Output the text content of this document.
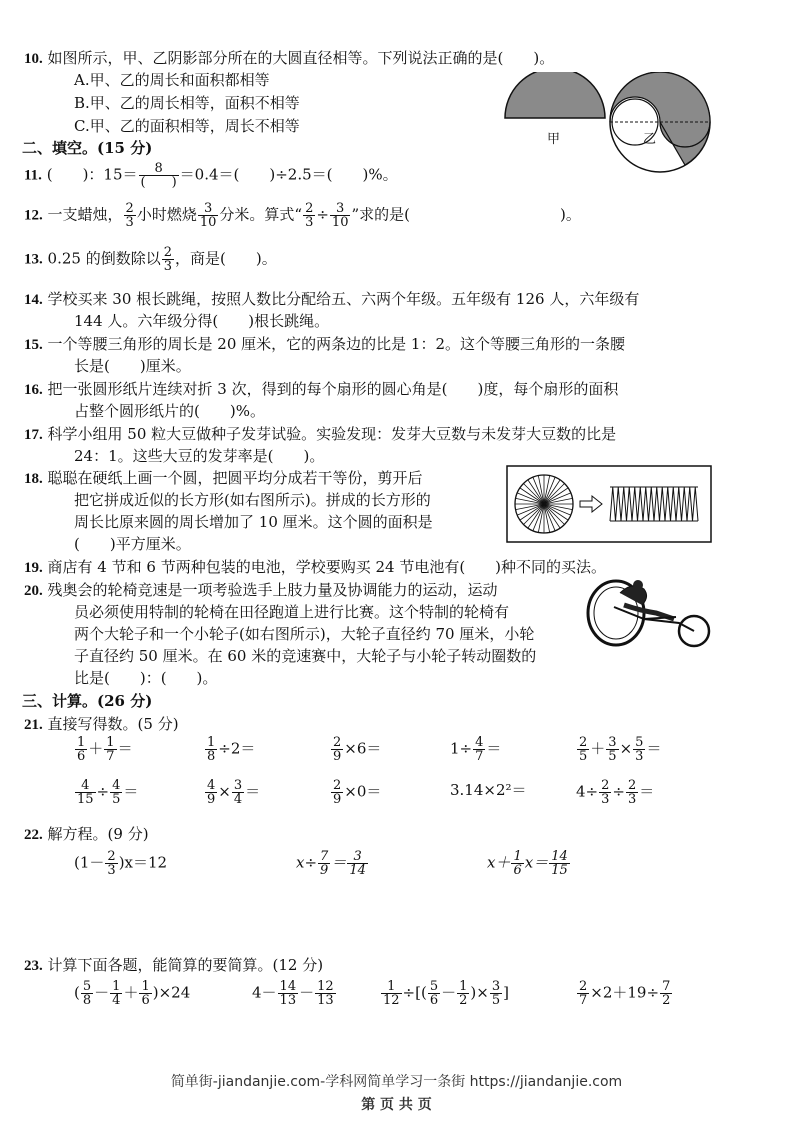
10. 如图所示，甲、乙阴影部分所在的大圆直径相等。下列说法正确的是(　　)。
A.甲、乙的周长和面积都相等
B.甲、乙的周长相等，面积不相等
C.甲、乙的面积相等，周长不相等
甲	乙
二、填空。(15 分)
11. (　　)：$15= \frac{8}{( )} =0.4=$(　　)÷2.5＝(　　)%。
12. 一支蜡烛， $\frac{2}{3}$ 小时燃烧 $\frac{3}{10}$ 分米。算式“ $\frac{2}{3} \div \frac{3}{10}$ ”求的是(	)。
13. 0.25 的倒数除以 $\frac{2}{3}$ ，商是(　　)。
14. 学校买来 30 根长跳绳，按照人数比分配给五、六两个年级。五年级有 126 人，六年级有
144 人。六年级分得(　　)根长跳绳。
15. 一个等腰三角形的周长是 20 厘米，它的两条边的比是 1：2。这个等腰三角形的一条腰
长是(　　)厘米。
16. 把一张圆形纸片连续对折 3 次，得到的每个扇形的圆心角是(　　)度，每个扇形的面积
占整个圆形纸片的(　　)%。
17. 科学小组用 50 粒大豆做种子发芽试验。实验发现：发芽大豆数与未发芽大豆数的比是
24：1。这些大豆的发芽率是(　　)。
18. 聪聪在硬纸上画一个圆，把圆平均分成若干等份，剪开后
把它拼成近似的长方形(如右图所示)。拼成的长方形的
周长比原来圆的周长增加了 10 厘米。这个圆的面积是
(　　)平方厘米。
19. 商店有 4 节和 6 节两种包装的电池，学校要购买 24 节电池有(　　)种不同的买法。
20. 残奥会的轮椅竞速是一项考验选手上肢力量及协调能力的运动，运动
员必须使用特制的轮椅在田径跑道上进行比赛。这个特制的轮椅有
两个大轮子和一个小轮子(如右图所示)，大轮子直径约 70 厘米，小轮
子直径约 50 厘米。在 60 米的竞速赛中，大轮子与小轮子转动圈数的
比是(　　)：(　　)。
三、计算。(26 分)
21. 直接写得数。(5 分)
$\frac{1}{6} + \frac{1}{7}$ ＝	$\frac{1}{8} \div 2=$	$\frac{2}{9} \times 6=$	$1\div \frac{4}{7}$ ＝	$\frac{2}{5} + \frac{3}{5} \times \frac{5}{3}$ ＝
$\frac{4}{15} \div \frac{4}{5}$ ＝	$\frac{4}{9} \times \frac{3}{4}$ ＝	$\frac{2}{9} \times 0=$	3.14×2²＝	$4\div \frac{2}{3} \div \frac{2}{3}$ ＝
22. 解方程。(9 分)
$(1- \frac{2}{3} )x=12$	$x\div \frac{7}{9} = \frac{3}{14}$	$x+ \frac{1}{6} x= \frac{14}{15}$
23. 计算下面各题，能简算的要简算。(12 分)
( $\frac{5}{8} - \frac{1}{4} + \frac{1}{6} )\times 24$	$4- \frac{14}{13} - \frac{12}{13}$	$\frac{1}{12}$ ÷[( $\frac{5}{6} - \frac{1}{2}$ )× $\frac{3}{5}$ ]	$\frac{2}{7} \times 2+19\div \frac{7}{2}$
简单街-jiandanjie.com-学科网简单学习一条街 https://jiandanjie.com
第 页 共 页
